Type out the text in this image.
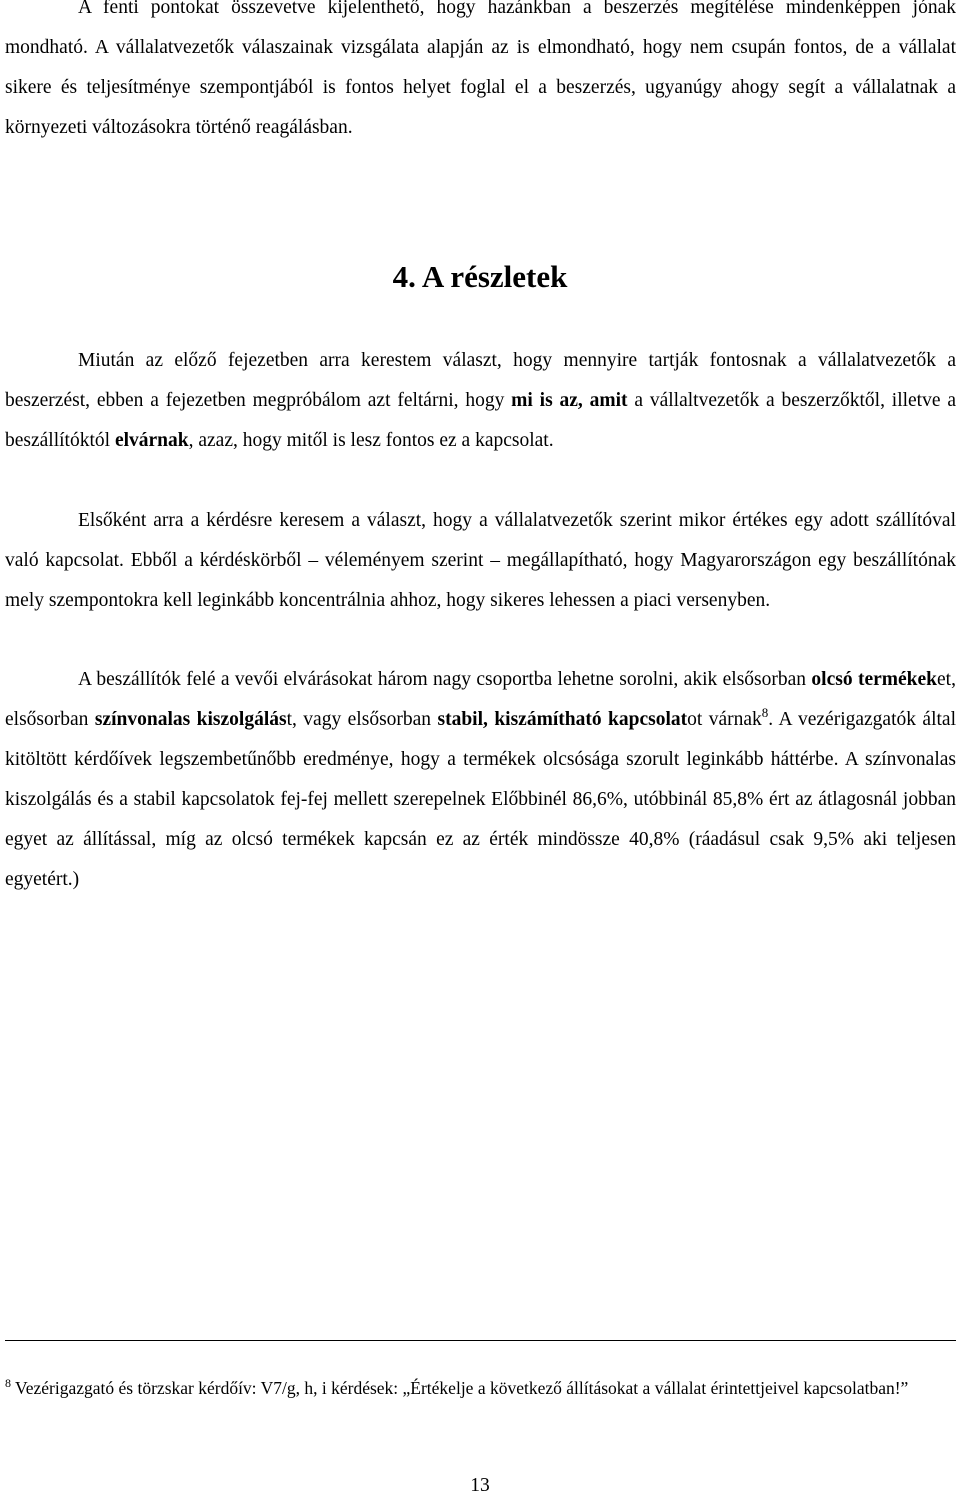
A fenti pontokat összevetve kijelenthető, hogy hazánkban a beszerzés megítélése mindenképpen jónak mondható. A vállalatvezetők válaszainak vizsgálata alapján az is elmondható, hogy nem csupán fontos, de a vállalat sikere és teljesítménye szempontjából is fontos helyet foglal el a beszerzés, ugyanúgy ahogy segít a vállalatnak a környezeti változásokra történő reagálásban.

4. A részletek

Miután az előző fejezetben arra kerestem választ, hogy mennyire tartják fontosnak a vállalatvezetők a beszerzést, ebben a fejezetben megpróbálom azt feltárni, hogy mi is az, amit a vállaltvezetők a beszerzőktől, illetve a beszállítóktól elvárnak, azaz, hogy mitől is lesz fontos ez a kapcsolat.

Elsőként arra a kérdésre keresem a választ, hogy a vállalatvezetők szerint mikor értékes egy adott szállítóval való kapcsolat. Ebből a kérdéskörből – véleményem szerint – megállapítható, hogy Magyarországon egy beszállítónak mely szempontokra kell leginkább koncentrálnia ahhoz, hogy sikeres lehessen a piaci versenyben.

A beszállítók felé a vevői elvárásokat három nagy csoportba lehetne sorolni, akik elsősorban olcsó termékeket, elsősorban színvonalas kiszolgálást, vagy elsősorban stabil, kiszámítható kapcsolatot várnak$^8$. A vezérigazgatók által kitöltött kérdőívek legszembetűnőbb eredménye, hogy a termékek olcsósága szorult leginkább háttérbe. A színvonalas kiszolgálás és a stabil kapcsolatok fej-fej mellett szerepelnek Előbbinél 86,6%, utóbbinál 85,8% ért az átlagosnál jobban egyet az állítással, míg az olcsó termékek kapcsán ez az érték mindössze 40,8% (ráadásul csak 9,5% aki teljesen egyetért.)

$^8$ Vezérigazgató és törzskar kérdőív: V7/g, h, i kérdések: „Értékelje a következő állításokat a vállalat érintettjeivel kapcsolatban!”

13
